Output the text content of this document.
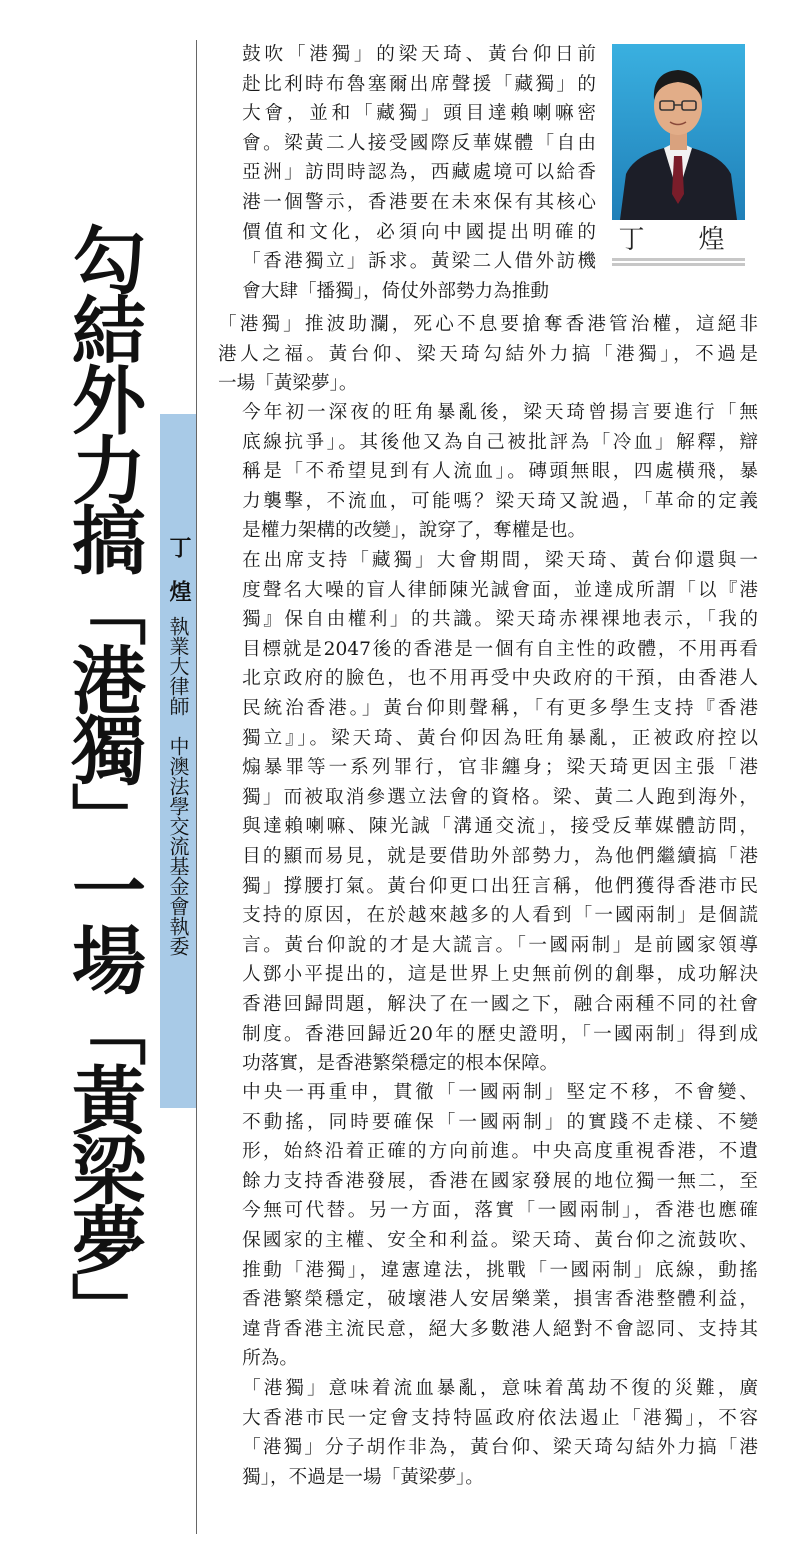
勾結外力搞「港獨」一場「黃梁夢」 丁　煌執業大律師　中澳法學交流基金會執委
丁　煌

鼓吹「港獨」的梁天琦、黃台仰日前
赴比利時布魯塞爾出席聲援「藏獨」的
大會，並和「藏獨」頭目達賴喇嘛密
會。梁黃二人接受國際反華媒體「自由
亞洲」訪問時認為，西藏處境可以給香
港一個警示，香港要在未來保有其核心
價值和文化，必須向中國提出明確的
「香港獨立」訴求。黃梁二人借外訪機
會大肆「播獨」，倚仗外部勢力為推動

「港獨」推波助瀾，死心不息要搶奪香港管治權，這絕非
港人之福。黃台仰、梁天琦勾結外力搞「港獨」，不過是
一場「黃梁夢」。

今年初一深夜的旺角暴亂後，梁天琦曾揚言要進行「無
底線抗爭」。其後他又為自己被批評為「冷血」解釋，辯
稱是「不希望見到有人流血」。磚頭無眼，四處橫飛，暴
力襲擊，不流血，可能嗎？梁天琦又說過，「革命的定義
是權力架構的改變」，說穿了，奪權是也。

在出席支持「藏獨」大會期間，梁天琦、黃台仰還與一
度聲名大噪的盲人律師陳光誠會面，並達成所謂「以『港
獨』保自由權利」的共識。梁天琦赤裸裸地表示，「我的
目標就是2047後的香港是一個有自主性的政體，不用再看
北京政府的臉色，也不用再受中央政府的干預，由香港人
民統治香港。」黃台仰則聲稱，「有更多學生支持『香港
獨立』」。梁天琦、黃台仰因為旺角暴亂，正被政府控以
煽暴罪等一系列罪行，官非纏身；梁天琦更因主張「港
獨」而被取消參選立法會的資格。梁、黃二人跑到海外，
與達賴喇嘛、陳光誠「溝通交流」，接受反華媒體訪問，
目的顯而易見，就是要借助外部勢力，為他們繼續搞「港
獨」撐腰打氣。黃台仰更口出狂言稱，他們獲得香港市民
支持的原因，在於越來越多的人看到「一國兩制」是個謊
言。黃台仰說的才是大謊言。「一國兩制」是前國家領導
人鄧小平提出的，這是世界上史無前例的創舉，成功解決
香港回歸問題，解決了在一國之下，融合兩種不同的社會
制度。香港回歸近20年的歷史證明，「一國兩制」得到成
功落實，是香港繁榮穩定的根本保障。

中央一再重申，貫徹「一國兩制」堅定不移，不會變、
不動搖，同時要確保「一國兩制」的實踐不走樣、不變
形，始終沿着正確的方向前進。中央高度重視香港，不遺
餘力支持香港發展，香港在國家發展的地位獨一無二，至
今無可代替。另一方面，落實「一國兩制」，香港也應確
保國家的主權、安全和利益。梁天琦、黃台仰之流鼓吹、
推動「港獨」，違憲違法，挑戰「一國兩制」底線，動搖
香港繁榮穩定，破壞港人安居樂業，損害香港整體利益，
違背香港主流民意，絕大多數港人絕對不會認同、支持其
所為。

「港獨」意味着流血暴亂，意味着萬劫不復的災難，廣
大香港市民一定會支持特區政府依法遏止「港獨」，不容
「港獨」分子胡作非為，黃台仰、梁天琦勾結外力搞「港
獨」，不過是一場「黃梁夢」。
